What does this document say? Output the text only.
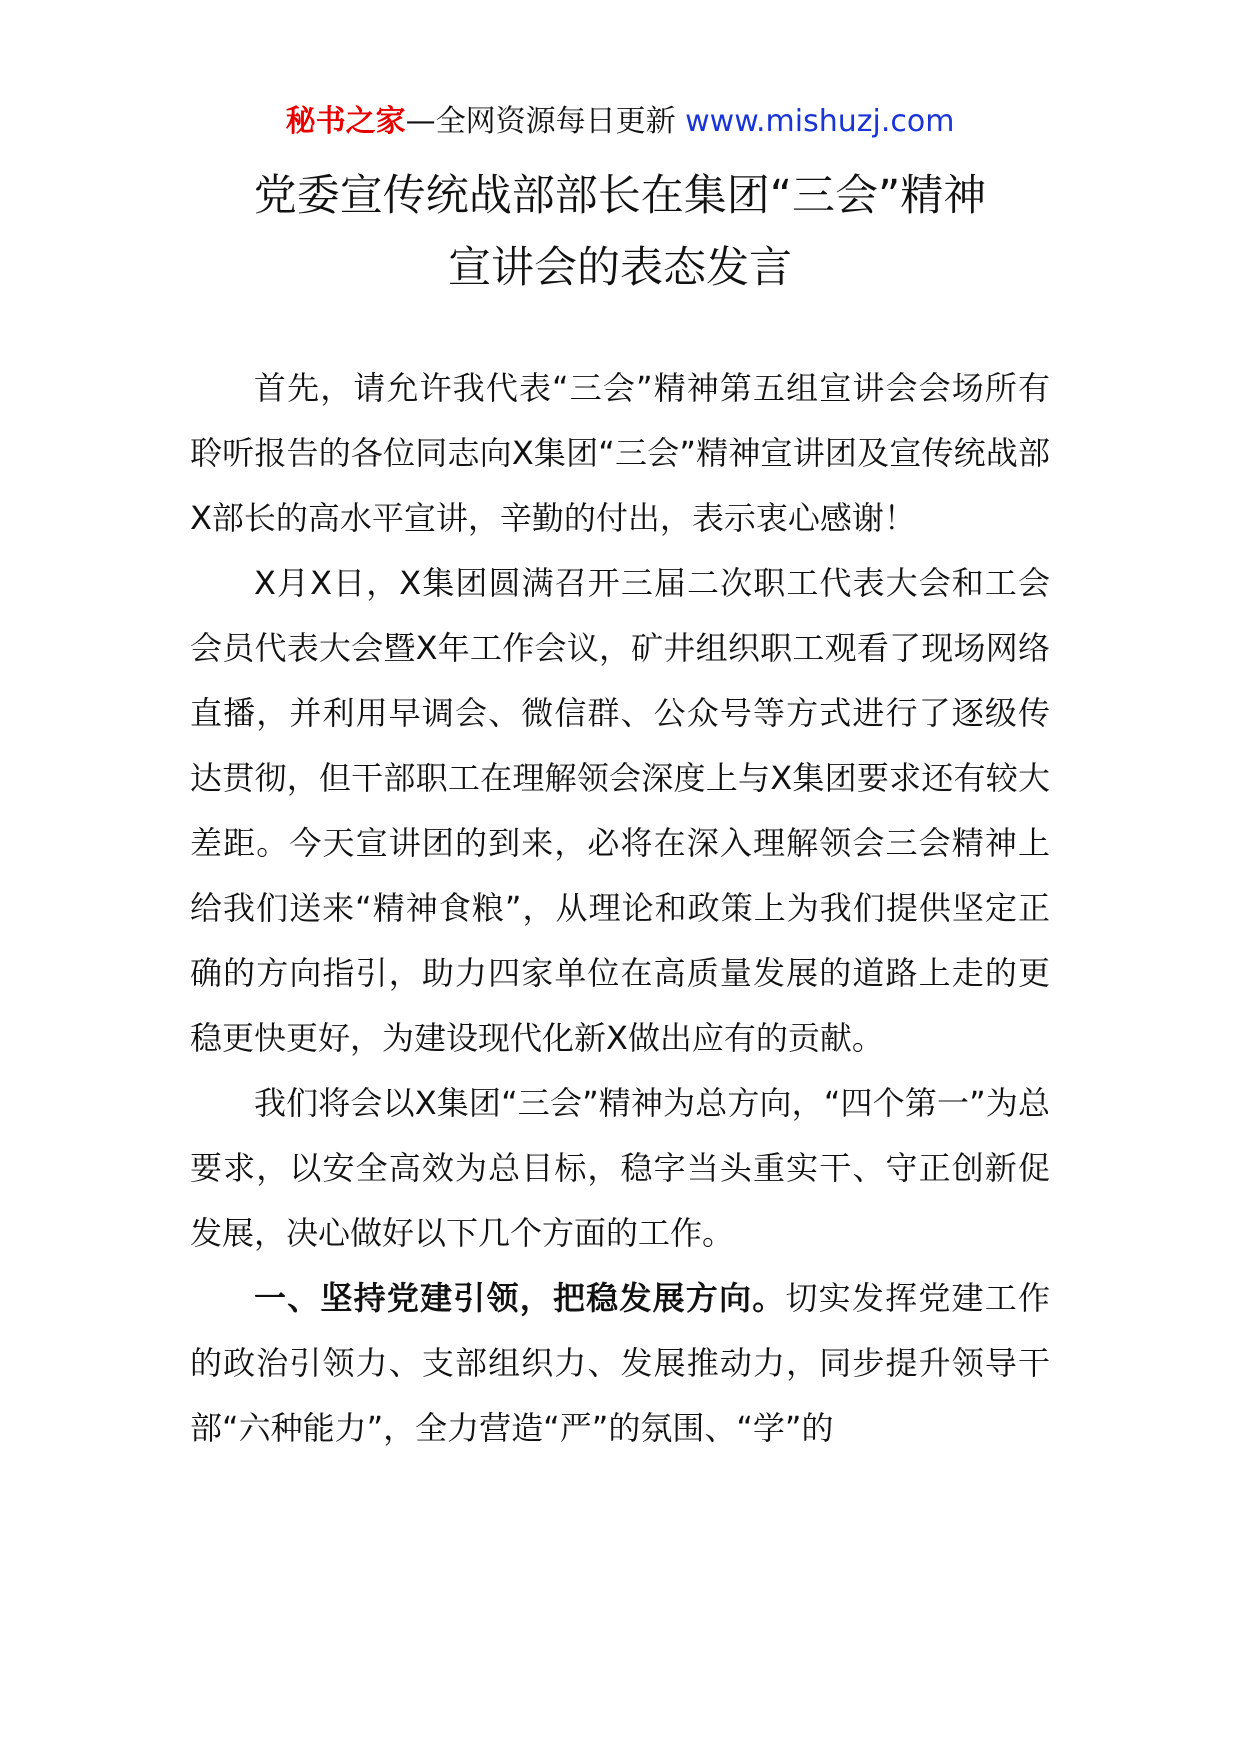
秘书之家—全网资源每日更新 www.mishuzj.com
党委宣传统战部部长在集团“三会”精神
宣讲会的表态发言

首先，请允许我代表“三会”精神第五组宣讲会会场所有聆听报告的各位同志向X集团“三会”精神宣讲团及宣传统战部X部长的高水平宣讲，辛勤的付出，表示衷心感谢！

X月X日，X集团圆满召开三届二次职工代表大会和工会会员代表大会暨X年工作会议，矿井组织职工观看了现场网络直播，并利用早调会、微信群、公众号等方式进行了逐级传达贯彻，但干部职工在理解领会深度上与X集团要求还有较大差距。今天宣讲团的到来，必将在深入理解领会三会精神上给我们送来“精神食粮”，从理论和政策上为我们提供坚定正确的方向指引，助力四家单位在高质量发展的道路上走的更稳更快更好，为建设现代化新X做出应有的贡献。

我们将会以X集团“三会”精神为总方向，“四个第一”为总要求，以安全高效为总目标，稳字当头重实干、守正创新促发展，决心做好以下几个方面的工作。

一、坚持党建引领，把稳发展方向。切实发挥党建工作的政治引领力、支部组织力、发展推动力，同步提升领导干部“六种能力”，全力营造“严”的氛围、“学”的
